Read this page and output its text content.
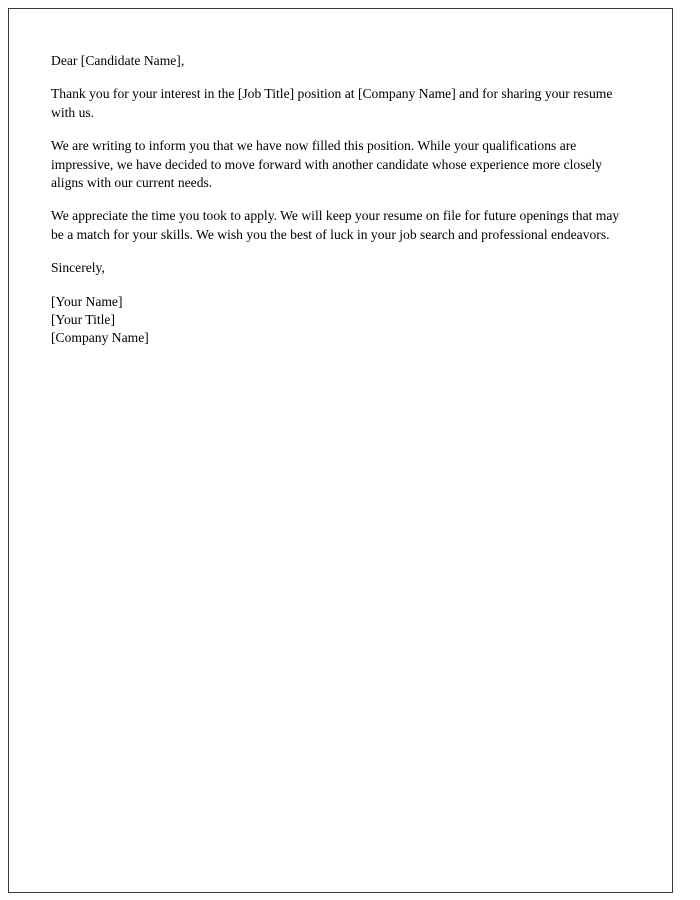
Dear [Candidate Name],

Thank you for your interest in the [Job Title] position at [Company Name] and for sharing your resume with us.

We are writing to inform you that we have now filled this position. While your qualifications are impressive, we have decided to move forward with another candidate whose experience more closely aligns with our current needs.

We appreciate the time you took to apply. We will keep your resume on file for future openings that may be a match for your skills. We wish you the best of luck in your job search and professional endeavors.

Sincerely,

[Your Name]

[Your Title]

[Company Name]
